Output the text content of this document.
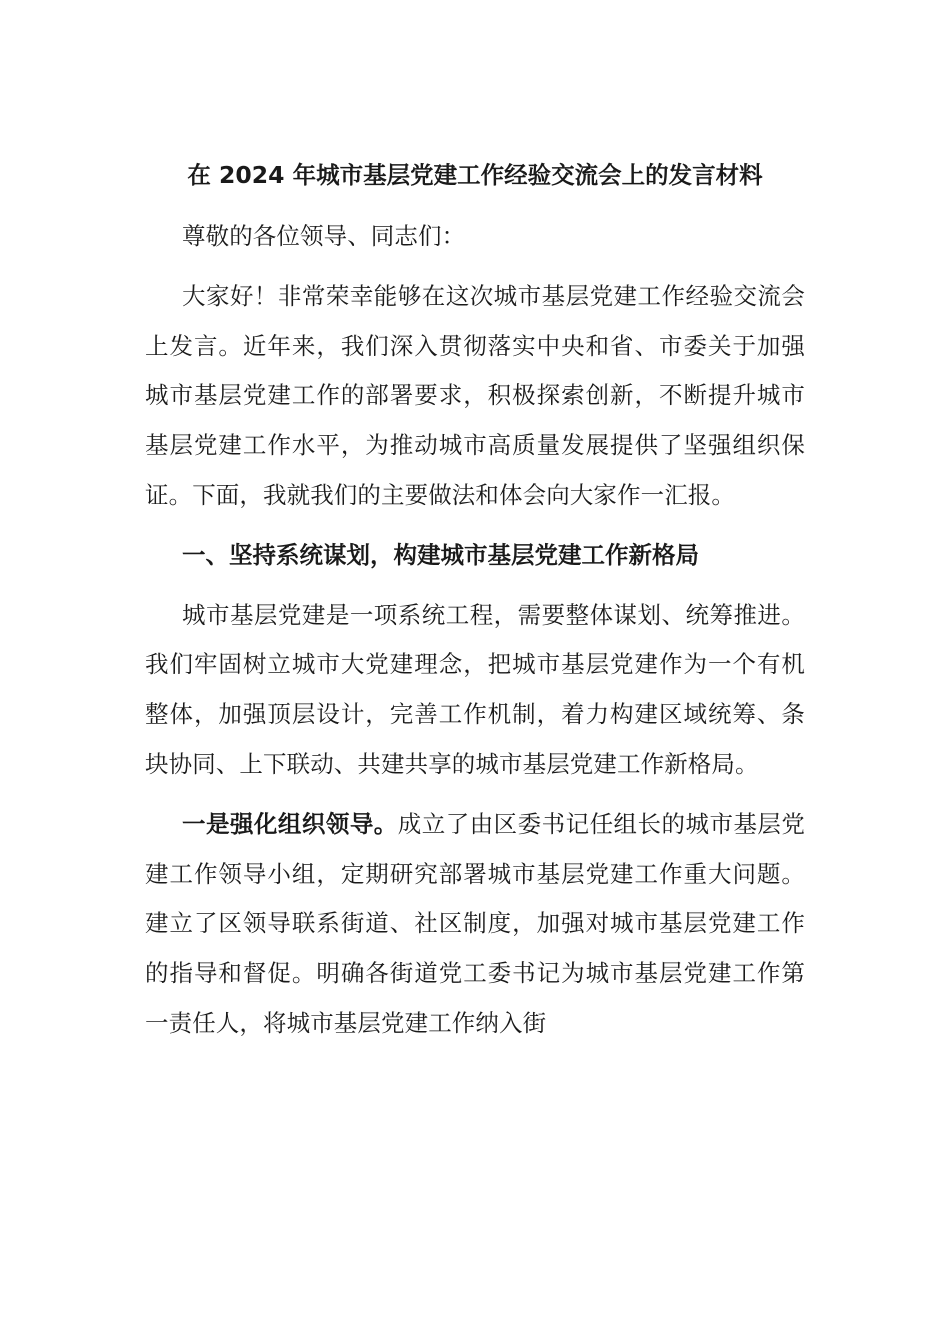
在 2024 年城市基层党建工作经验交流会上的发言材料

尊敬的各位领导、同志们：

大家好！非常荣幸能够在这次城市基层党建工作经验交流会上发言。近年来，我们深入贯彻落实中央和省、市委关于加强城市基层党建工作的部署要求，积极探索创新，不断提升城市基层党建工作水平，为推动城市高质量发展提供了坚强组织保证。下面，我就我们的主要做法和体会向大家作一汇报。

一、坚持系统谋划，构建城市基层党建工作新格局

城市基层党建是一项系统工程，需要整体谋划、统筹推进。我们牢固树立城市大党建理念，把城市基层党建作为一个有机整体，加强顶层设计，完善工作机制，着力构建区域统筹、条块协同、上下联动、共建共享的城市基层党建工作新格局。

一是强化组织领导。成立了由区委书记任组长的城市基层党建工作领导小组，定期研究部署城市基层党建工作重大问题。建立了区领导联系街道、社区制度，加强对城市基层党建工作的指导和督促。明确各街道党工委书记为城市基层党建工作第一责任人，将城市基层党建工作纳入街
